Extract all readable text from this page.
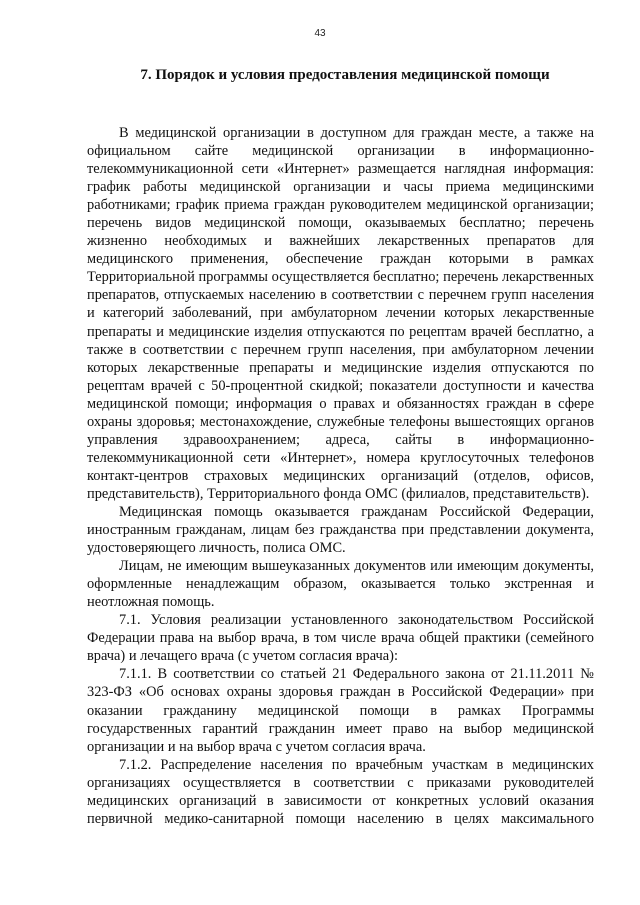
43
7. Порядок и условия предоставления медицинской помощи

В медицинской организации в доступном для граждан месте, а также на официальном сайте медицинской организации в информационно-телекоммуникационной сети «Интернет» размещается наглядная информация: график работы медицинской организации и часы приема медицинскими работниками; график приема граждан руководителем медицинской организации; перечень видов медицинской помощи, оказываемых бесплатно; перечень жизненно необходимых и важнейших лекарственных препаратов для медицинского применения, обеспечение граждан которыми в рамках Территориальной программы осуществляется бесплатно; перечень лекарственных препаратов, отпускаемых населению в соответствии с перечнем групп населения и категорий заболеваний, при амбулаторном лечении которых лекарственные препараты и медицинские изделия отпускаются по рецептам врачей бесплатно, а также в соответствии с перечнем групп населения, при амбулаторном лечении которых лекарственные препараты и медицинские изделия отпускаются по рецептам врачей с 50-процентной скидкой; показатели доступности и качества медицинской помощи; информация о правах и обязанностях граждан в сфере охраны здоровья; местонахождение, служебные телефоны вышестоящих органов управления здравоохранением; адреса, сайты в информационно-телекоммуникационной сети «Интернет», номера круглосуточных телефонов контакт-центров страховых медицинских организаций (отделов, офисов, представительств), Территориального фонда ОМС (филиалов, представительств).

Медицинская помощь оказывается гражданам Российской Федерации, иностранным гражданам, лицам без гражданства при представлении документа, удостоверяющего личность, полиса ОМС.

Лицам, не имеющим вышеуказанных документов или имеющим документы, оформленные ненадлежащим образом, оказывается только экстренная и неотложная помощь.

7.1. Условия реализации установленного законодательством Российской Федерации права на выбор врача, в том числе врача общей практики (семейного врача) и лечащего врача (с учетом согласия врача):

7.1.1. В соответствии со статьей 21 Федерального закона от 21.11.2011 № 323-ФЗ «Об основах охраны здоровья граждан в Российской Федерации» при оказании гражданину медицинской помощи в рамках Программы государственных гарантий гражданин имеет право на выбор медицинской организации и на выбор врача с учетом согласия врача.

7.1.2. Распределение населения по врачебным участкам в медицинских организациях осуществляется в соответствии с приказами руководителей медицинских организаций в зависимости от конкретных условий оказания первичной медико-санитарной помощи населению в целях максимального
